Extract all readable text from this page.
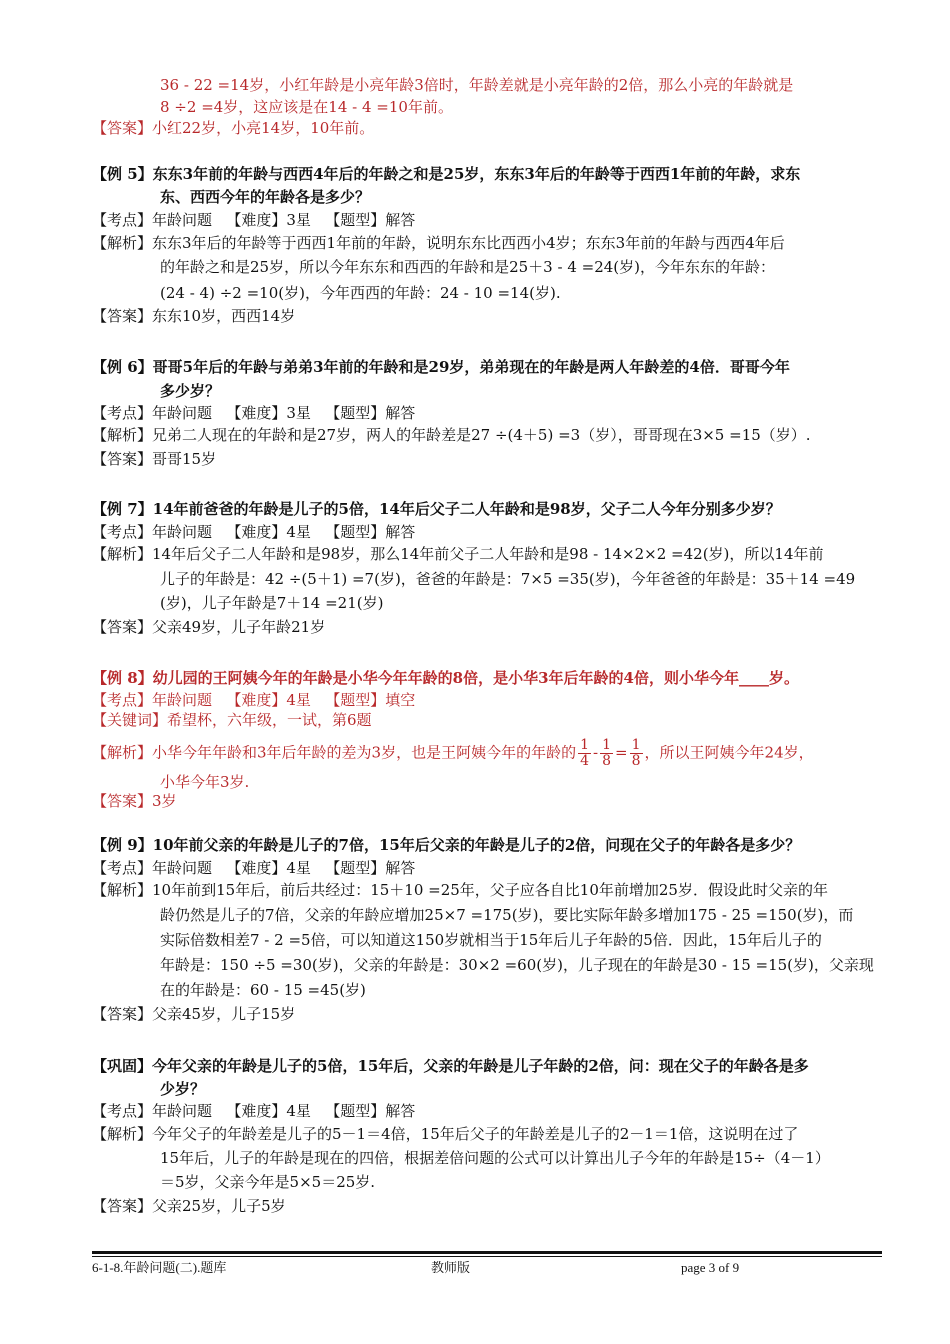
36 - 22 =14岁，小红年龄是小亮年龄3倍时，年龄差就是小亮年龄的2倍，那么小亮的年龄就是
8 ÷2 =4岁，这应该是在14 - 4 =10年前。
【答案】小红22岁，小亮14岁，10年前。
【例 5】东东3年前的年龄与西西4年后的年龄之和是25岁，东东3年后的年龄等于西西1年前的年龄，求东
东、西西今年的年龄各是多少？
【考点】年龄问题 【难度】3星 【题型】解答
【解析】东东3年后的年龄等于西西1年前的年龄，说明东东比西西小4岁；东东3年前的年龄与西西4年后
的年龄之和是25岁，所以今年东东和西西的年龄和是25＋3 - 4 =24(岁)，今年东东的年龄：
(24 - 4) ÷2 =10(岁)，今年西西的年龄：24 - 10 =14(岁).
【答案】东东10岁，西西14岁
【例 6】哥哥5年后的年龄与弟弟3年前的年龄和是29岁，弟弟现在的年龄是两人年龄差的4倍．哥哥今年
多少岁？
【考点】年龄问题 【难度】3星 【题型】解答
【解析】兄弟二人现在的年龄和是27岁，两人的年龄差是27 ÷(4＋5) =3（岁），哥哥现在3×5 =15（岁）.
【答案】哥哥15岁
【例 7】14年前爸爸的年龄是儿子的5倍，14年后父子二人年龄和是98岁，父子二人今年分别多少岁？
【考点】年龄问题 【难度】4星 【题型】解答
【解析】14年后父子二人年龄和是98岁，那么14年前父子二人年龄和是98 - 14×2×2 =42(岁)，所以14年前
儿子的年龄是：42 ÷(5＋1) =7(岁)，爸爸的年龄是：7×5 =35(岁)，今年爸爸的年龄是：35＋14 =49
(岁)，儿子年龄是7＋14 =21(岁)
【答案】父亲49岁，儿子年龄21岁
【例 8】幼儿园的王阿姨今年的年龄是小华今年年龄的8倍，是小华3年后年龄的4倍，则小华今年____岁。
【考点】年龄问题 【难度】4星 【题型】填空
【关键词】希望杯，六年级，一试，第6题
【解析】小华今年年龄和3年后年龄的差为3岁，也是王阿姨今年的年龄的 $\frac{1}{4} - \frac{1}{8} = \frac{1}{8}$ ，所以王阿姨今年24岁，
小华今年3岁.
【答案】3岁
【例 9】10年前父亲的年龄是儿子的7倍，15年后父亲的年龄是儿子的2倍，问现在父子的年龄各是多少？
【考点】年龄问题 【难度】4星 【题型】解答
【解析】10年前到15年后，前后共经过：15＋10 =25年，父子应各自比10年前增加25岁．假设此时父亲的年
龄仍然是儿子的7倍，父亲的年龄应增加25×7 =175(岁)，要比实际年龄多增加175 - 25 =150(岁)，而
实际倍数相差7 - 2 =5倍，可以知道这150岁就相当于15年后儿子年龄的5倍．因此，15年后儿子的
年龄是：150 ÷5 =30(岁)，父亲的年龄是：30×2 =60(岁)，儿子现在的年龄是30 - 15 =15(岁)，父亲现
在的年龄是：60 - 15 =45(岁)
【答案】父亲45岁，儿子15岁
【巩固】今年父亲的年龄是儿子的5倍，15年后，父亲的年龄是儿子年龄的2倍，问：现在父子的年龄各是多
少岁？
【考点】年龄问题 【难度】4星 【题型】解答
【解析】今年父子的年龄差是儿子的5－1＝4倍，15年后父子的年龄差是儿子的2－1＝1倍，这说明在过了
15年后，儿子的年龄是现在的四倍，根据差倍问题的公式可以计算出儿子今年的年龄是15÷（4－1）
＝5岁，父亲今年是5×5＝25岁.
【答案】父亲25岁，儿子5岁
6-1-8.年龄问题(二).题库	教师版	page 3 of 9
